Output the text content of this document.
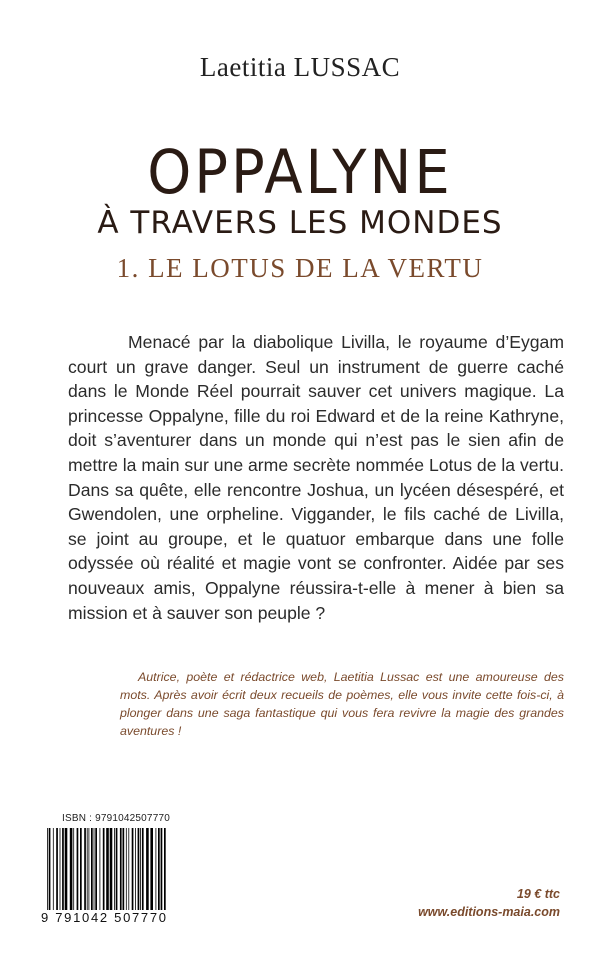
Laetitia LUSSAC
OPPALYNE
À TRAVERS LES MONDES
1. LE LOTUS DE LA VERTU

Menacé par la diabolique Livilla, le royaume d’Eygam court un grave danger. Seul un instrument de guerre caché dans le Monde Réel pourrait sauver cet univers magique. La princesse Oppalyne, fille du roi Edward et de la reine Kathryne, doit s’aventurer dans un monde qui n’est pas le sien afin de mettre la main sur une arme secrète nommée Lotus de la vertu. Dans sa quête, elle rencontre Joshua, un lycéen désespéré, et Gwendolen, une orpheline. Viggander, le fils caché de Livilla, se joint au groupe, et le quatuor embarque dans une folle odyssée où réalité et magie vont se confronter. Aidée par ses nouveaux amis, Oppalyne réussira-t-elle à mener à bien sa mission et à sauver son peuple ?

Autrice, poète et rédactrice web, Laetitia Lussac est une amoureuse des mots. Après avoir écrit deux recueils de poèmes, elle vous invite cette fois-ci, à plonger dans une saga fantastique qui vous fera revivre la magie des grandes aventures !

ISBN : 9791042507770
9 791042 507770
19 € ttc
www.editions-maia.com
